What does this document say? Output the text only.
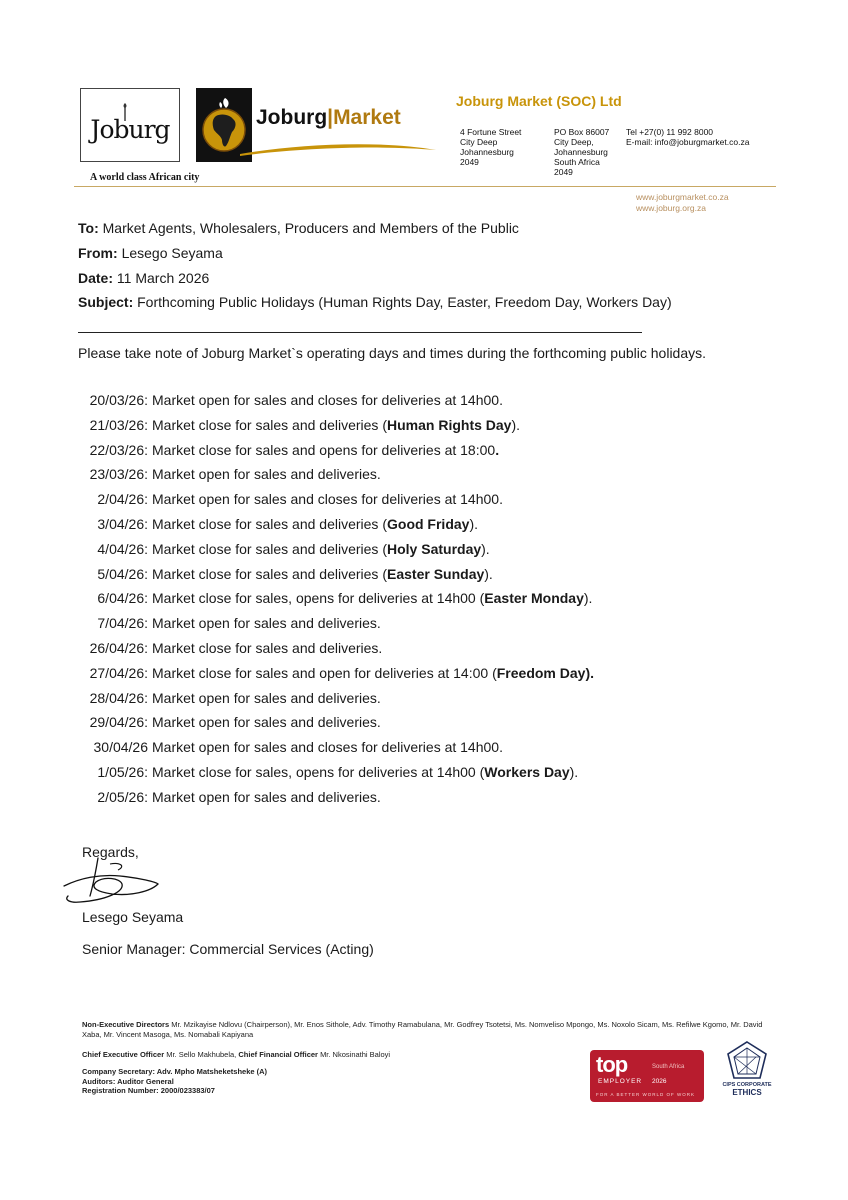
Joburg
A world class African city
Joburg|Market
Joburg Market (SOC) Ltd
4 Fortune Street
City Deep
Johannesburg
2049
PO Box 86007
City Deep,
Johannesburg
South Africa
2049
Tel +27(0) 11 992 8000
E-mail: info@joburgmarket.co.za
www.joburgmarket.co.za
www.joburg.org.za
To: Market Agents, Wholesalers, Producers and Members of the Public
From: Lesego Seyama
Date: 11 March 2026
Subject: Forthcoming Public Holidays (Human Rights Day, Easter, Freedom Day, Workers Day)
Please take note of Joburg Market`s operating days and times during the forthcoming public holidays.
20/03/26: Market open for sales and closes for deliveries at 14h00.
21/03/26: Market close for sales and deliveries (Human Rights Day).
22/03/26: Market close for sales and opens for deliveries at 18:00.
23/03/26: Market open for sales and deliveries.
2/04/26: Market open for sales and closes for deliveries at 14h00.
3/04/26: Market close for sales and deliveries (Good Friday).
4/04/26: Market close for sales and deliveries (Holy Saturday).
5/04/26: Market close for sales and deliveries (Easter Sunday).
6/04/26: Market close for sales, opens for deliveries at 14h00 (Easter Monday).
7/04/26: Market open for sales and deliveries.
26/04/26: Market close for sales and deliveries.
27/04/26: Market close for sales and open for deliveries at 14:00 (Freedom Day).
28/04/26: Market open for sales and deliveries.
29/04/26: Market open for sales and deliveries.
30/04/26 Market open for sales and closes for deliveries at 14h00.
1/05/26: Market close for sales, opens for deliveries at 14h00 (Workers Day).
2/05/26: Market open for sales and deliveries.
Regards,
Lesego Seyama
Senior Manager: Commercial Services (Acting)
Non-Executive Directors Mr. Mzikayise Ndlovu (Chairperson), Mr. Enos Sithole, Adv. Timothy Ramabulana, Mr. Godfrey Tsotetsi, Ms. Nomveliso Mpongo, Ms. Noxolo Sicam, Ms. Refilwe Kgomo, Mr. David Xaba, Mr. Vincent Masoga, Ms. Nomabali Kapiyana
Chief Executive Officer Mr. Sello Makhubela, Chief Financial Officer Mr. Nkosinathi Baloyi
Company Secretary: Adv. Mpho Matsheketsheke (A)
Auditors: Auditor General
Registration Number: 2000/023383/07
top
EMPLOYER
South Africa
2026
FOR A BETTER WORLD OF WORK
CIPS CORPORATE
ETHICS
